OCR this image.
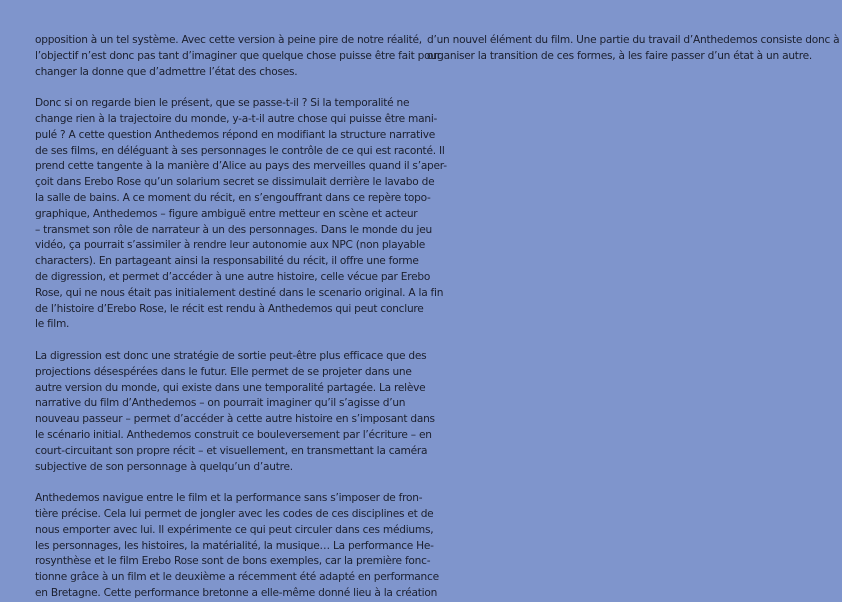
opposition à un tel système. Avec cette version à peine pire de notre réalité,
l’objectif n’est donc pas tant d’imaginer que quelque chose puisse être fait pour
changer la donne que d’admettre l’état des choses.
Donc si on regarde bien le présent, que se passe-t-il ? Si la temporalité ne
change rien à la trajectoire du monde, y-a-t-il autre chose qui puisse être mani-
pulé ? A cette question Anthedemos répond en modifiant la structure narrative
de ses films, en déléguant à ses personnages le contrôle de ce qui est raconté. Il
prend cette tangente à la manière d’Alice au pays des merveilles quand il s’aper-
çoit dans Erebo Rose qu’un solarium secret se dissimulait derrière le lavabo de
la salle de bains. A ce moment du récit, en s’engouffrant dans ce repère topo-
graphique, Anthedemos – figure ambiguë entre metteur en scène et acteur
– transmet son rôle de narrateur à un des personnages. Dans le monde du jeu
vidéo, ça pourrait s’assimiler à rendre leur autonomie aux NPC (non playable
characters). En partageant ainsi la responsabilité du récit, il offre une forme
de digression, et permet d’accéder à une autre histoire, celle vécue par Erebo
Rose, qui ne nous était pas initialement destiné dans le scenario original. A la fin
de l’histoire d’Erebo Rose, le récit est rendu à Anthedemos qui peut conclure
le film.
La digression est donc une stratégie de sortie peut-être plus efficace que des
projections désespérées dans le futur. Elle permet de se projeter dans une
autre version du monde, qui existe dans une temporalité partagée. La relève
narrative du film d’Anthedemos – on pourrait imaginer qu’il s’agisse d’un
nouveau passeur – permet d’accéder à cette autre histoire en s’imposant dans
le scénario initial. Anthedemos construit ce bouleversement par l’écriture – en
court-circuitant son propre récit – et visuellement, en transmettant la caméra
subjective de son personnage à quelqu’un d’autre.
Anthedemos navigue entre le film et la performance sans s’imposer de fron-
tière précise. Cela lui permet de jongler avec les codes de ces disciplines et de
nous emporter avec lui. Il expérimente ce qui peut circuler dans ces médiums,
les personnages, les histoires, la matérialité, la musique… La performance He-
rosynthèse et le film Erebo Rose sont de bons exemples, car la première fonc-
tionne grâce à un film et le deuxième a récemment été adapté en performance
en Bretagne. Cette performance bretonne a elle-même donné lieu à la création
d’un nouvel élément du film. Une partie du travail d’Anthedemos consiste donc à
organiser la transition de ces formes, à les faire passer d’un état à un autre.
